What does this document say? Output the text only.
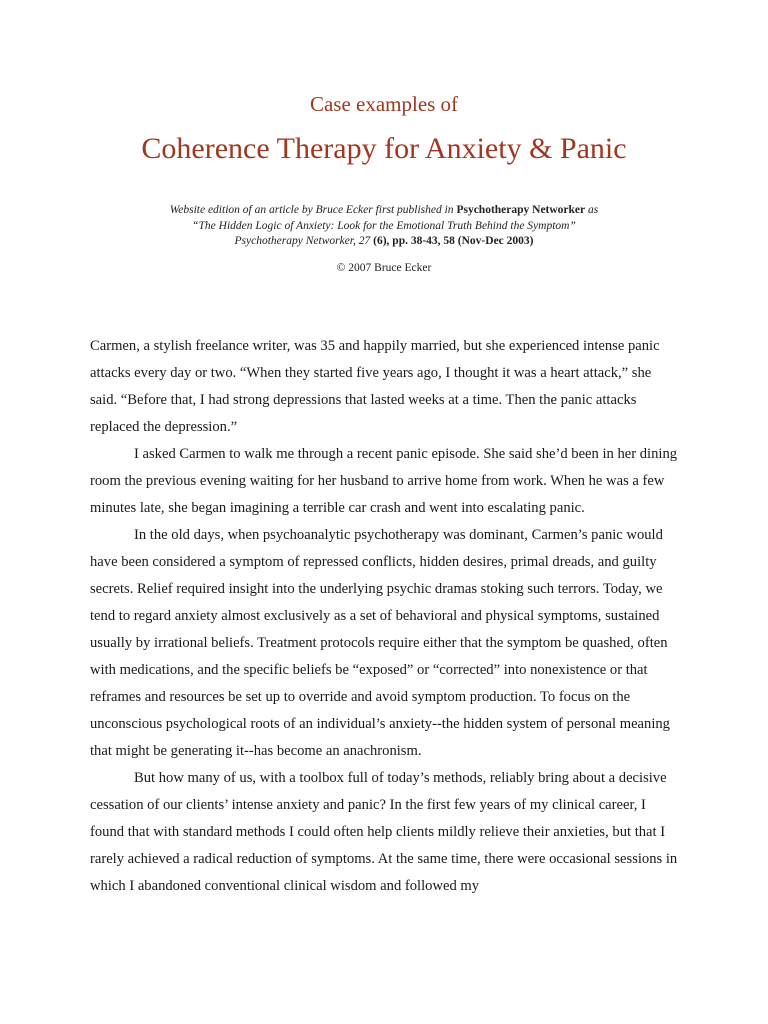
Case examples of
Coherence Therapy for Anxiety & Panic
Website edition of an article by Bruce Ecker first published in Psychotherapy Networker as
“The Hidden Logic of Anxiety: Look for the Emotional Truth Behind the Symptom”
Psychotherapy Networker, 27 (6), pp. 38-43, 58 (Nov-Dec 2003)
© 2007 Bruce Ecker

Carmen, a stylish freelance writer, was 35 and happily married, but she experienced intense panic attacks every day or two. “When they started five years ago, I thought it was a heart attack,” she said. “Before that, I had strong depressions that lasted weeks at a time. Then the panic attacks replaced the depression.”

I asked Carmen to walk me through a recent panic episode. She said she’d been in her dining room the previous evening waiting for her husband to arrive home from work. When he was a few minutes late, she began imagining a terrible car crash and went into escalating panic.

In the old days, when psychoanalytic psychotherapy was dominant, Carmen’s panic would have been considered a symptom of repressed conflicts, hidden desires, primal dreads, and guilty secrets. Relief required insight into the underlying psychic dramas stoking such terrors. Today, we tend to regard anxiety almost exclusively as a set of behavioral and physical symptoms, sustained usually by irrational beliefs. Treatment protocols require either that the symptom be quashed, often with medications, and the specific beliefs be “exposed” or “corrected” into nonexistence or that reframes and resources be set up to override and avoid symptom production. To focus on the unconscious psychological roots of an individual’s anxiety--the hidden system of personal meaning that might be generating it--has become an anachronism.

But how many of us, with a toolbox full of today’s methods, reliably bring about a decisive cessation of our clients’ intense anxiety and panic? In the first few years of my clinical career, I found that with standard methods I could often help clients mildly relieve their anxieties, but that I rarely achieved a radical reduction of symptoms. At the same time, there were occasional sessions in which I abandoned conventional clinical wisdom and followed my
